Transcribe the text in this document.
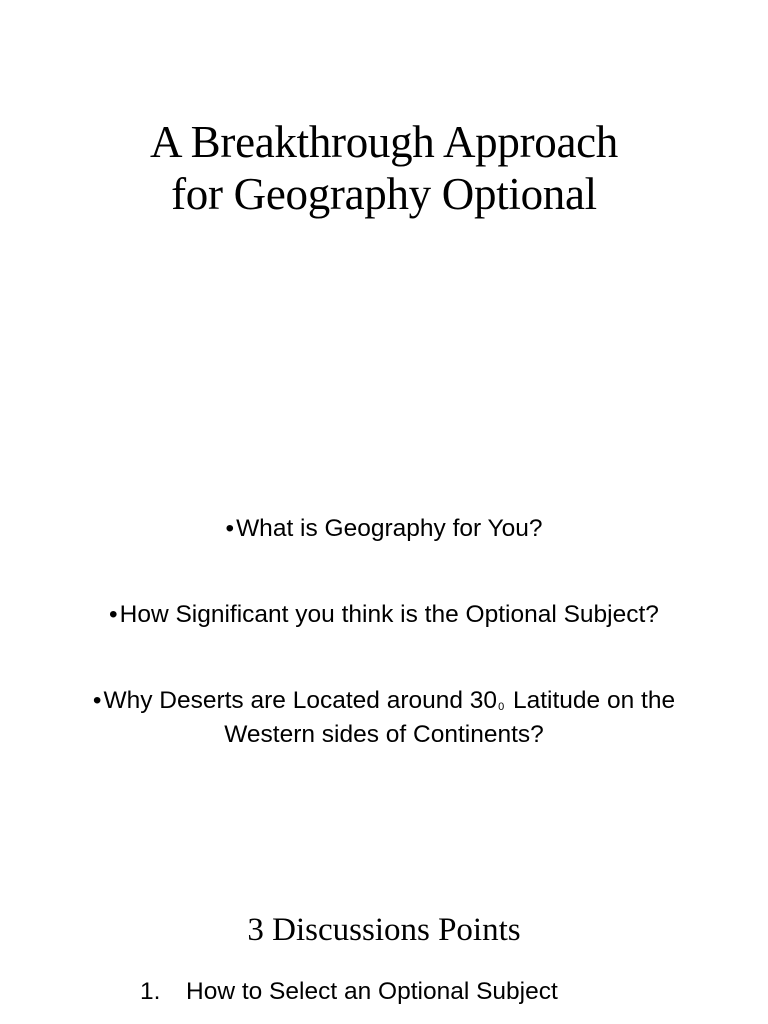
A Breakthrough Approach
for Geography Optional
•What is Geography for You?
•How Significant you think is the Optional Subject?
•Why Deserts are Located around $30^0$ Latitude on the
Western sides of Continents?
3 Discussions Points
1. How to Select an Optional Subject
